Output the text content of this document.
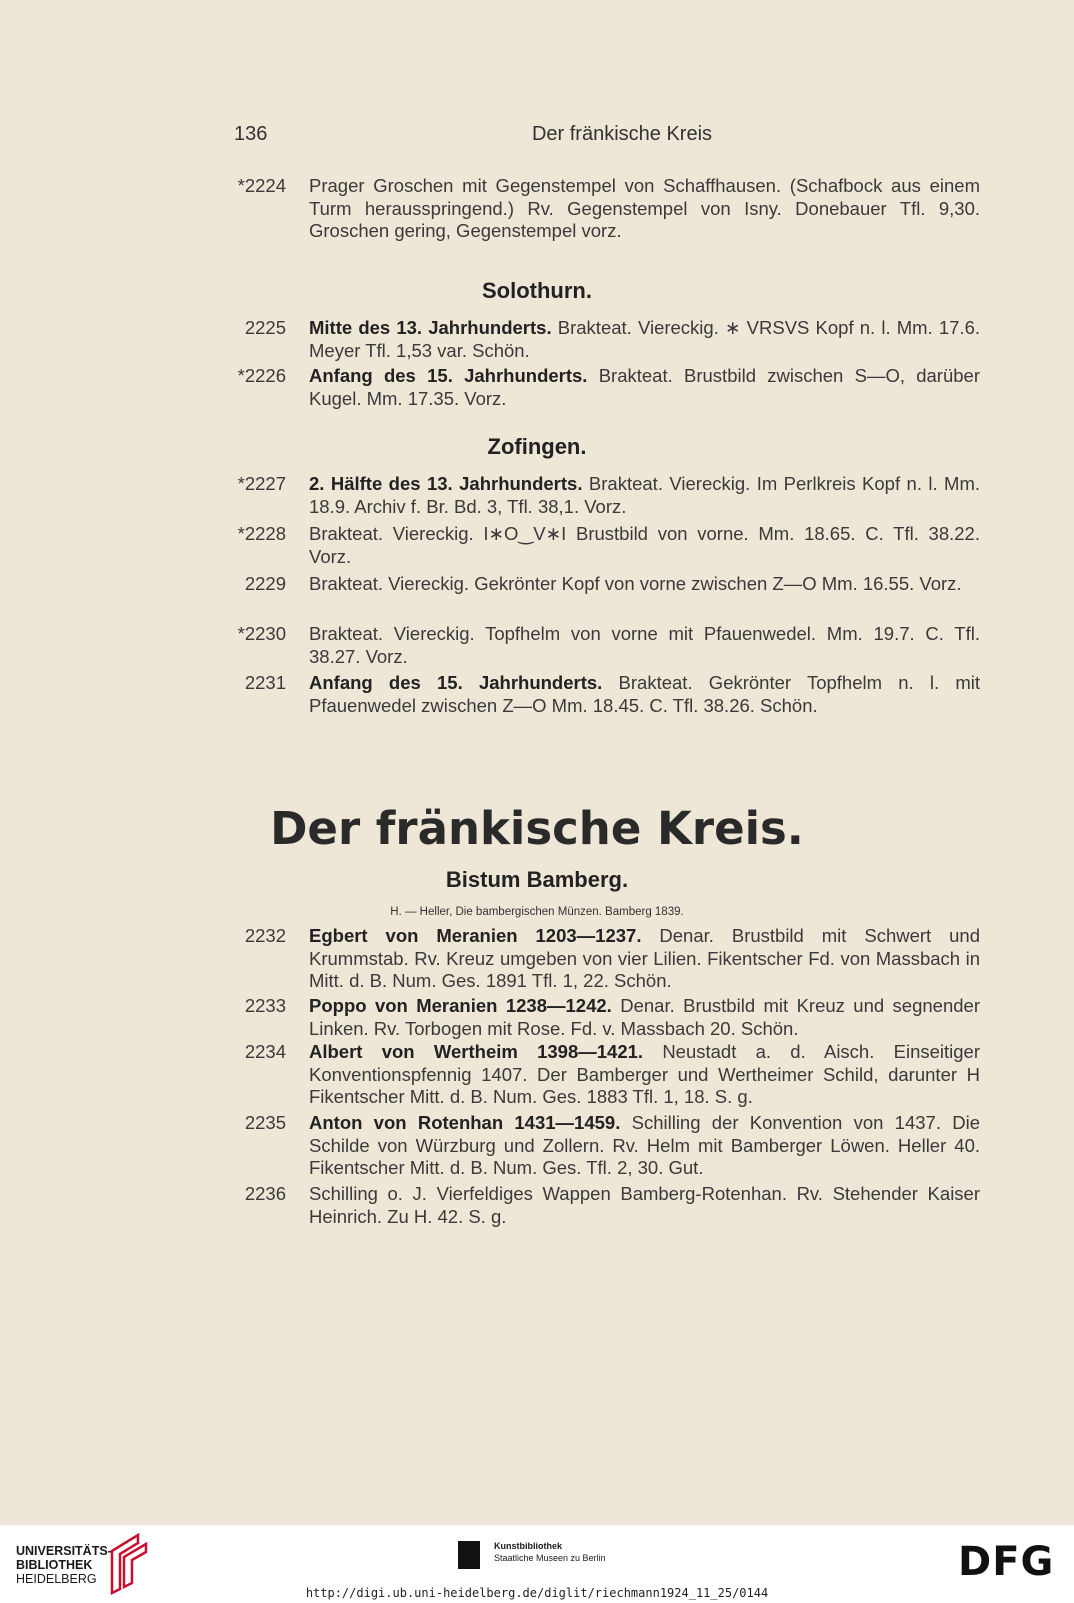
136	Der fränkische Kreis
*2224 Prager Groschen mit Gegenstempel von Schaffhausen. (Schafbock aus einem Turm herausspringend.) Rv. Gegenstempel von Isny. Donebauer Tfl. 9,30. Groschen gering, Gegenstempel vorz.
Solothurn.
2225 Mitte des 13. Jahrhunderts. Brakteat. Viereckig. ∗ VRSVS Kopf n. l. Mm. 17.6. Meyer Tfl. 1,53 var. Schön.
*2226 Anfang des 15. Jahrhunderts. Brakteat. Brustbild zwischen S—O, darüber Kugel. Mm. 17.35. Vorz.
Zofingen.
*2227 2. Hälfte des 13. Jahrhunderts. Brakteat. Viereckig. Im Perlkreis Kopf n. l. Mm. 18.9. Archiv f. Br. Bd. 3, Tfl. 38,1. Vorz.
*2228 Brakteat. Viereckig. I∗O‿V∗I Brustbild von vorne. Mm. 18.65. C. Tfl. 38.22. Vorz.
2229 Brakteat. Viereckig. Gekrönter Kopf von vorne zwischen Z—O Mm. 16.55. Vorz.
*2230 Brakteat. Viereckig. Topfhelm von vorne mit Pfauenwedel. Mm. 19.7. C. Tfl. 38.27. Vorz.
2231 Anfang des 15. Jahrhunderts. Brakteat. Gekrönter Topfhelm n. l. mit Pfauenwedel zwischen Z—O Mm. 18.45. C. Tfl. 38.26. Schön.
Der fränkische Kreis.
Bistum Bamberg.
H. — Heller, Die bambergischen Münzen. Bamberg 1839.
2232 Egbert von Meranien 1203—1237. Denar. Brustbild mit Schwert und Krummstab. Rv. Kreuz umgeben von vier Lilien. Fikentscher Fd. von Massbach in Mitt. d. B. Num. Ges. 1891 Tfl. 1, 22. Schön.
2233 Poppo von Meranien 1238—1242. Denar. Brustbild mit Kreuz und segnender Linken. Rv. Torbogen mit Rose. Fd. v. Massbach 20. Schön.
2234 Albert von Wertheim 1398—1421. Neustadt a. d. Aisch. Einseitiger Konventionspfennig 1407. Der Bamberger und Wertheimer Schild, darunter H Fikentscher Mitt. d. B. Num. Ges. 1883 Tfl. 1, 18. S. g.
2235 Anton von Rotenhan 1431—1459. Schilling der Konvention von 1437. Die Schilde von Würzburg und Zollern. Rv. Helm mit Bamberger Löwen. Heller 40. Fikentscher Mitt. d. B. Num. Ges. Tfl. 2, 30. Gut.
2236 Schilling o. J. Vierfeldiges Wappen Bamberg-Rotenhan. Rv. Stehender Kaiser Heinrich. Zu H. 42. S. g.
UNIVERSITÄTS-
BIBLIOTHEK
HEIDELBERG
Kunstbibliothek
Staatliche Museen zu Berlin	DFG
http://digi.ub.uni-heidelberg.de/diglit/riechmann1924_11_25/0144
